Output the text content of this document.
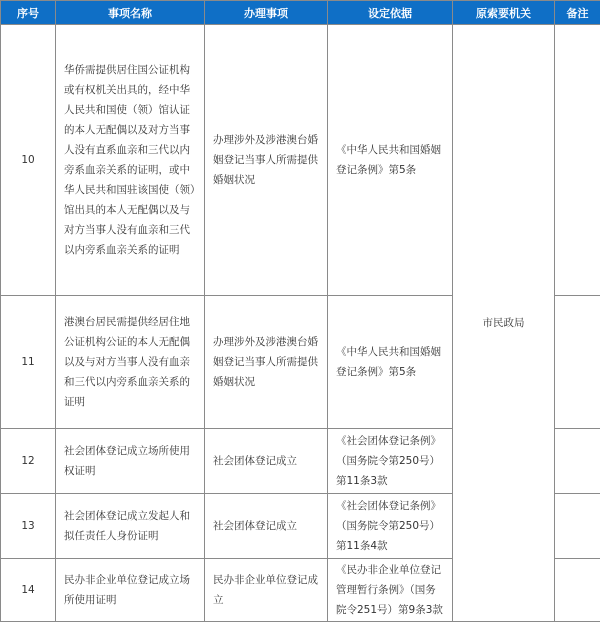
序号	事项名称	办理事项	设定依据	原索要机关	备注
10	华侨需提供居住国公证机构或有权机关出具的，经中华人民共和国使（领）馆认证的本人无配偶以及对方当事人没有直系血亲和三代以内旁系血亲关系的证明，或中华人民共和国驻该国使（领）馆出具的本人无配偶以及与对方当事人没有血亲和三代以内旁系血亲关系的证明	办理涉外及涉港澳台婚姻登记当事人所需提供婚姻状况	《中华人民共和国婚姻登记条例》第5条	市民政局	
11	港澳台居民需提供经居住地公证机构公证的本人无配偶以及与对方当事人没有血亲和三代以内旁系血亲关系的证明	办理涉外及涉港澳台婚姻登记当事人所需提供婚姻状况	《中华人民共和国婚姻登记条例》第5条		
12	社会团体登记成立场所使用权证明	社会团体登记成立	《社会团体登记条例》（国务院令第250号）第11条3款		
13	社会团体登记成立发起人和拟任责任人身份证明	社会团体登记成立	《社会团体登记条例》（国务院令第250号）第11条4款		
14	民办非企业单位登记成立场所使用证明	民办非企业单位登记成立	《民办非企业单位登记管理暂行条例》（国务院令251号）第9条3款		
